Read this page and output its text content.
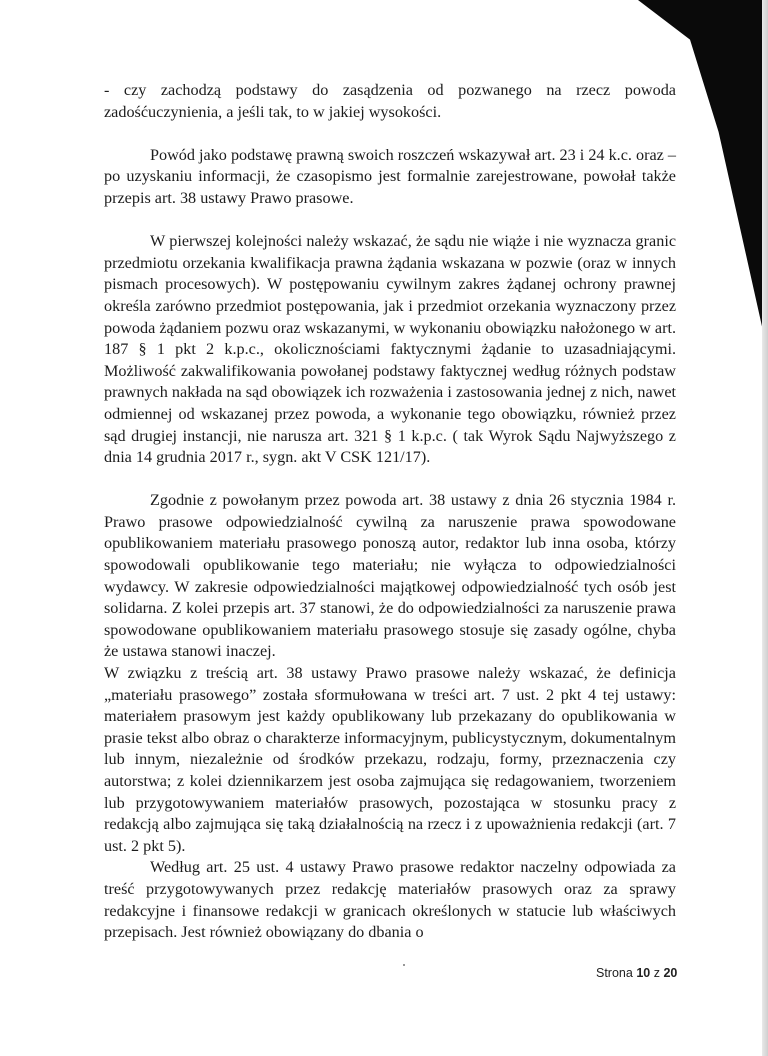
- czy zachodzą podstawy do zasądzenia od pozwanego na rzecz powoda zadośćuczynienia, a jeśli tak, to w jakiej wysokości.

Powód jako podstawę prawną swoich roszczeń wskazywał art. 23 i 24 k.c. oraz – po uzyskaniu informacji, że czasopismo jest formalnie zarejestrowane, powołał także przepis art. 38 ustawy Prawo prasowe.

W pierwszej kolejności należy wskazać, że sądu nie wiąże i nie wyznacza granic przedmiotu orzekania kwalifikacja prawna żądania wskazana w pozwie (oraz w innych pismach procesowych). W postępowaniu cywilnym zakres żądanej ochrony prawnej określa zarówno przedmiot postępowania, jak i przedmiot orzekania wyznaczony przez powoda żądaniem pozwu oraz wskazanymi, w wykonaniu obowiązku nałożonego w art. 187 § 1 pkt 2 k.p.c., okolicznościami faktycznymi żądanie to uzasadniającymi. Możliwość zakwalifikowania powołanej podstawy faktycznej według różnych podstaw prawnych nakłada na sąd obowiązek ich rozważenia i zastosowania jednej z nich, nawet odmiennej od wskazanej przez powoda, a wykonanie tego obowiązku, również przez sąd drugiej instancji, nie narusza art. 321 § 1 k.p.c. ( tak Wyrok Sądu Najwyższego z dnia 14 grudnia 2017 r., sygn. akt V CSK 121/17).

Zgodnie z powołanym przez powoda art. 38 ustawy z dnia 26 stycznia 1984 r. Prawo prasowe odpowiedzialność cywilną za naruszenie prawa spowodowane opublikowaniem materiału prasowego ponoszą autor, redaktor lub inna osoba, którzy spowodowali opublikowanie tego materiału; nie wyłącza to odpowiedzialności wydawcy. W zakresie odpowiedzialności majątkowej odpowiedzialność tych osób jest solidarna. Z kolei przepis art. 37 stanowi, że do odpowiedzialności za naruszenie prawa spowodowane opublikowaniem materiału prasowego stosuje się zasady ogólne, chyba że ustawa stanowi inaczej.

W związku z treścią art. 38 ustawy Prawo prasowe należy wskazać, że definicja „materiału prasowego” została sformułowana w treści art. 7 ust. 2 pkt 4 tej ustawy: materiałem prasowym jest każdy opublikowany lub przekazany do opublikowania w prasie tekst albo obraz o charakterze informacyjnym, publicystycznym, dokumentalnym lub innym, niezależnie od środków przekazu, rodzaju, formy, przeznaczenia czy autorstwa; z kolei dziennikarzem jest osoba zajmująca się redagowaniem, tworzeniem lub przygotowywaniem materiałów prasowych, pozostająca w stosunku pracy z redakcją albo zajmująca się taką działalnością na rzecz i z upoważnienia redakcji (art. 7 ust. 2 pkt 5).

Według art. 25 ust. 4 ustawy Prawo prasowe redaktor naczelny odpowiada za treść przygotowywanych przez redakcję materiałów prasowych oraz za sprawy redakcyjne i finansowe redakcji w granicach określonych w statucie lub właściwych przepisach. Jest również obowiązany do dbania o

Strona 10 z 20
